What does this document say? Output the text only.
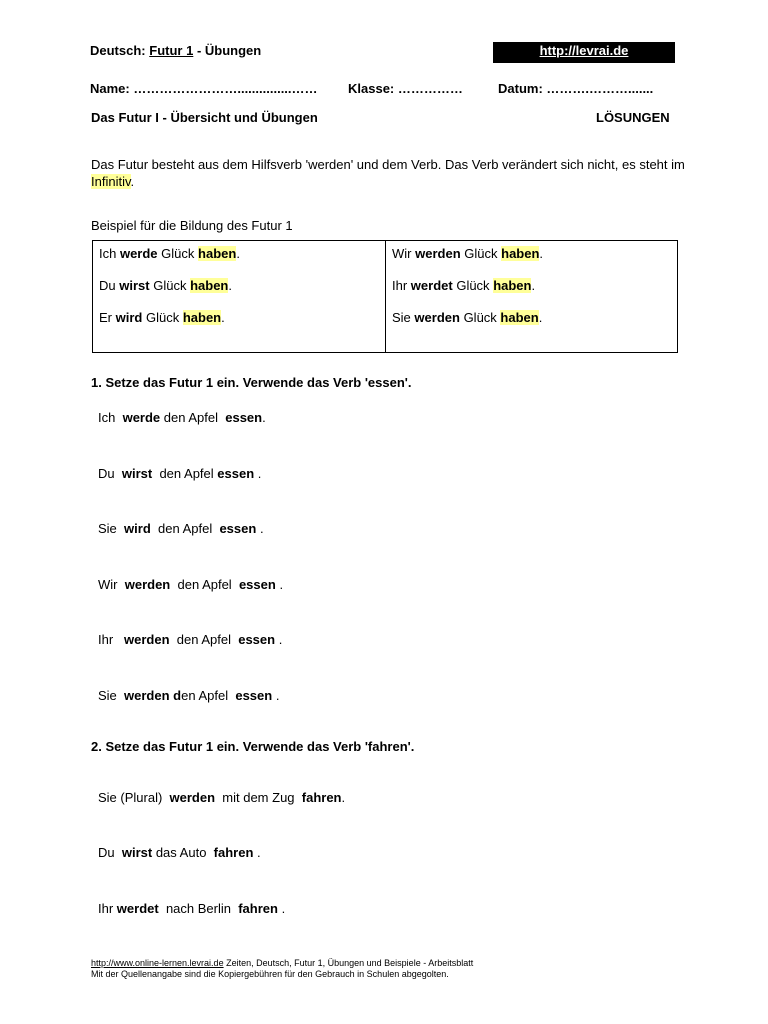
Deutsch: Futur 1 - Übungen	http://levrai.de
Name: ……………………...............…… Klasse: ……………	Datum: ……….……….......
Das Futur I - Übersicht und Übungen	LÖSUNGEN
Das Futur besteht aus dem Hilfsverb 'werden' und dem Verb. Das Verb verändert sich nicht, es steht im Infinitiv.
Beispiel für die Bildung des Futur 1
Ich werde Glück haben.
Du wirst Glück haben.
Er wird Glück haben.
Wir werden Glück haben.
Ihr werdet Glück haben.
Sie werden Glück haben.
1. Setze das Futur 1 ein. Verwende das Verb 'essen'.
Ich werde den Apfel essen.
Du wirst den Apfel essen .
Sie wird den Apfel essen .
Wir werden den Apfel essen .
Ihr werden den Apfel essen .
Sie werden den Apfel essen .
2. Setze das Futur 1 ein. Verwende das Verb 'fahren'.
Sie (Plural) werden mit dem Zug fahren.
Du wirst das Auto fahren .
Ihr werdet nach Berlin fahren .
http://www.online-lernen.levrai.de Zeiten, Deutsch, Futur 1, Übungen und Beispiele - Arbeitsblatt
Mit der Quellenangabe sind die Kopiergebühren für den Gebrauch in Schulen abgegolten.
